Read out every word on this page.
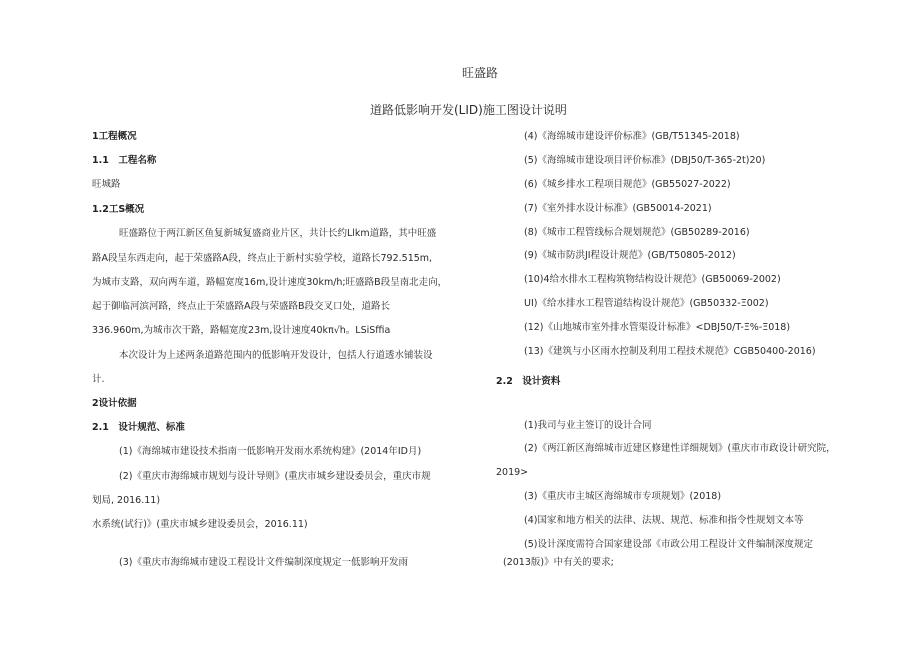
旺盛路
道路低影响开发(LID)施工图设计说明
1工程概况
1.1　工程名称
旺城路
1.2工S概况
旺盛路位于两江新区鱼复新城复盛商业片区，共计长约Llkm道路，其中旺盛
路A段呈东西走向，起于荣盛路A段，终点止于新村实验学校，道路长792.515m,
为城市支路，双向两车道，路幅宽度16m,设计速度30km/h;旺盛路B段呈南北走向，
起于御临河滨河路，终点止于荣盛路A段与荣盛路B段交叉口处，道路长
336.960m,为城市次干路，路幅宽度23m,设计速度40kπ√h。LSiSffia
本次设计为上述两条道路范围内的低影响开发设计，包括人行道透水铺装设
计.
2设计依据
2.1　设计规范、标准
(1)《海绵城市建设技术指南一低影响开发雨水系统构建》(2014年ID月)
(2)《重庆市海绵城市规划与设计导则》(重庆市城乡建设委员会，重庆市规
划局, 2016.11)
水系统(试行)》(重庆市城乡建设委员会，2016.11)
(3)《重庆市海绵城市建设工程设计文件编制深度规定一低影响开发雨
(4)《海绵城市建设评价标准》(GB/T51345-2018)
(5)《海绵城市建设项目评价标准》(DBJ50/T-365-2t)20)
(6)《城乡排水工程项目规范》(GB55027-2022)
(7)《室外排水设计标准》(GB50014-2021)
(8)《城市工程管线标合规划规范》(GB50289-2016)
(9)《城市防洪JI程设计规范》(GB/T50805-2012)
(10)4给水排水工程构筑物结构设计规范》(GB50069-2002)
UI)《给水排水工程管道结构设计规范》(GB50332-Ξ002)
(12)《山地城市室外排水管渠设计标准》<DBJ50/T-Ξ%-Ξ018)
(13)《建筑与小区雨水控制及利用工程技术规范》CGB50400-2016)
2.2　设计资料
(1)我司与业主签订的设计合同
(2)《两江新区海绵城市近建区修建性详细规划》(重庆市市政设计研究院，
2019>
(3)《重庆市主城区海绵城市专项规划》(2018)
(4)国家和地方相关的法律、法规、规范、标准和指令性规划文本等
(5)设计深度需符合国家建设部《市政公用工程设计文件编制深度规定
(2013版)》中有关的要求;
